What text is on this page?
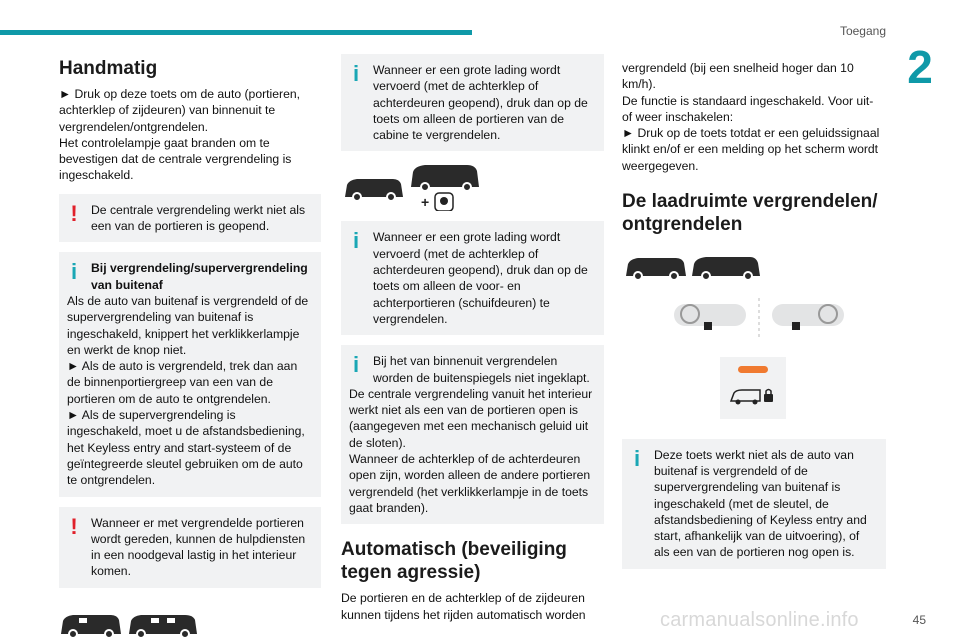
Toegang
2
45
carmanualsonline.info
Handmatig

► Druk op deze toets om de auto (portieren, achterklep of zijdeuren) van binnenuit te vergrendelen/ontgrendelen.

Het controlelampje gaat branden om te bevestigen dat de centrale vergrendeling is ingeschakeld.

!	De centrale vergrendeling werkt niet als een van de portieren is geopend.

i	Bij vergrendeling/supervergrendeling van buitenaf

Als de auto van buitenaf is vergrendeld of de supervergrendeling van buitenaf is ingeschakeld, knippert het verklikkerlampje en werkt de knop niet.

► Als de auto is vergrendeld, trek dan aan de binnenportiergreep van een van de portieren om de auto te ontgrendelen.

► Als de supervergrendeling is ingeschakeld, moet u de afstandsbediening, het Keyless entry and start-systeem of de geïntegreerde sleutel gebruiken om de auto te ontgrendelen.

!	Wanneer er met vergrendelde portieren wordt gereden, kunnen de hulpdiensten in een noodgeval lastig in het interieur komen.

i	Wanneer er een grote lading wordt vervoerd (met de achterklep of achterdeuren geopend), druk dan op de toets om alleen de portieren van de cabine te vergrendelen.

+
i	Wanneer er een grote lading wordt vervoerd (met de achterklep of achterdeuren geopend), druk dan op de toets om alleen de voor- en achterportieren (schuifdeuren) te vergrendelen.

i	Bij het van binnenuit vergrendelen worden de buitenspiegels niet ingeklapt.

De centrale vergrendeling vanuit het interieur werkt niet als een van de portieren open is (aangegeven met een mechanisch geluid uit de sloten).

Wanneer de achterklep of de achterdeuren open zijn, worden alleen de andere portieren vergrendeld (het verklikkerlampje in de toets gaat branden).

Automatisch (beveiliging tegen agressie)

De portieren en de achterklep of de zijdeuren kunnen tijdens het rijden automatisch worden

vergrendeld (bij een snelheid hoger dan 10 km/h).

De functie is standaard ingeschakeld. Voor uit- of weer inschakelen:

► Druk op de toets totdat er een geluidssignaal klinkt en/of er een melding op het scherm wordt weergegeven.

De laadruimte vergrendelen/ ontgrendelen
i	Deze toets werkt niet als de auto van buitenaf is vergrendeld of de supervergrendeling van buitenaf is ingeschakeld (met de sleutel, de afstandsbediening of Keyless entry and start, afhankelijk van de uitvoering), of als een van de portieren nog open is.
